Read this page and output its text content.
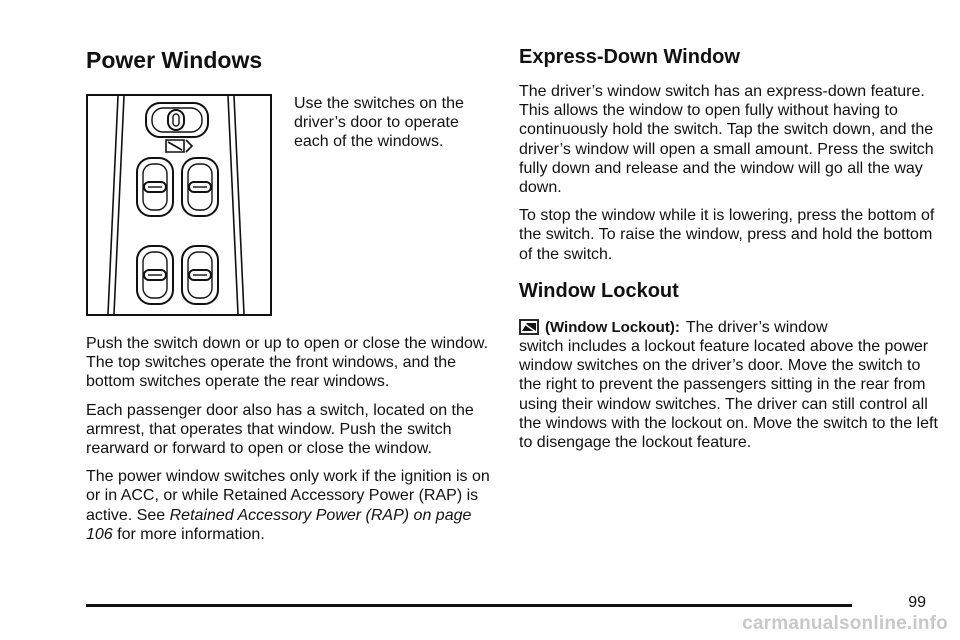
Power Windows

Use the switches on the driver’s door to operate each of the windows.

Push the switch down or up to open or close the window. The top switches operate the front windows, and the bottom switches operate the rear windows.

Each passenger door also has a switch, located on the armrest, that operates that window. Push the switch rearward or forward to open or close the window.

The power window switches only work if the ignition is on or in ACC, or while Retained Accessory Power (RAP) is active. See Retained Accessory Power (RAP) on page 106 for more information.

Express-Down Window

The driver’s window switch has an express-down feature. This allows the window to open fully without having to continuously hold the switch. Tap the switch down, and the driver’s window will open a small amount. Press the switch fully down and release and the window will go all the way down.

To stop the window while it is lowering, press the bottom of the switch. To raise the window, press and hold the bottom of the switch.

Window Lockout
(Window Lockout): The driver’s window

switch includes a lockout feature located above the power window switches on the driver’s door. Move the switch to the right to prevent the passengers sitting in the rear from using their window switches. The driver can still control all the windows with the lockout on. Move the switch to the left to disengage the lockout feature.

99
carmanualsonline.info
